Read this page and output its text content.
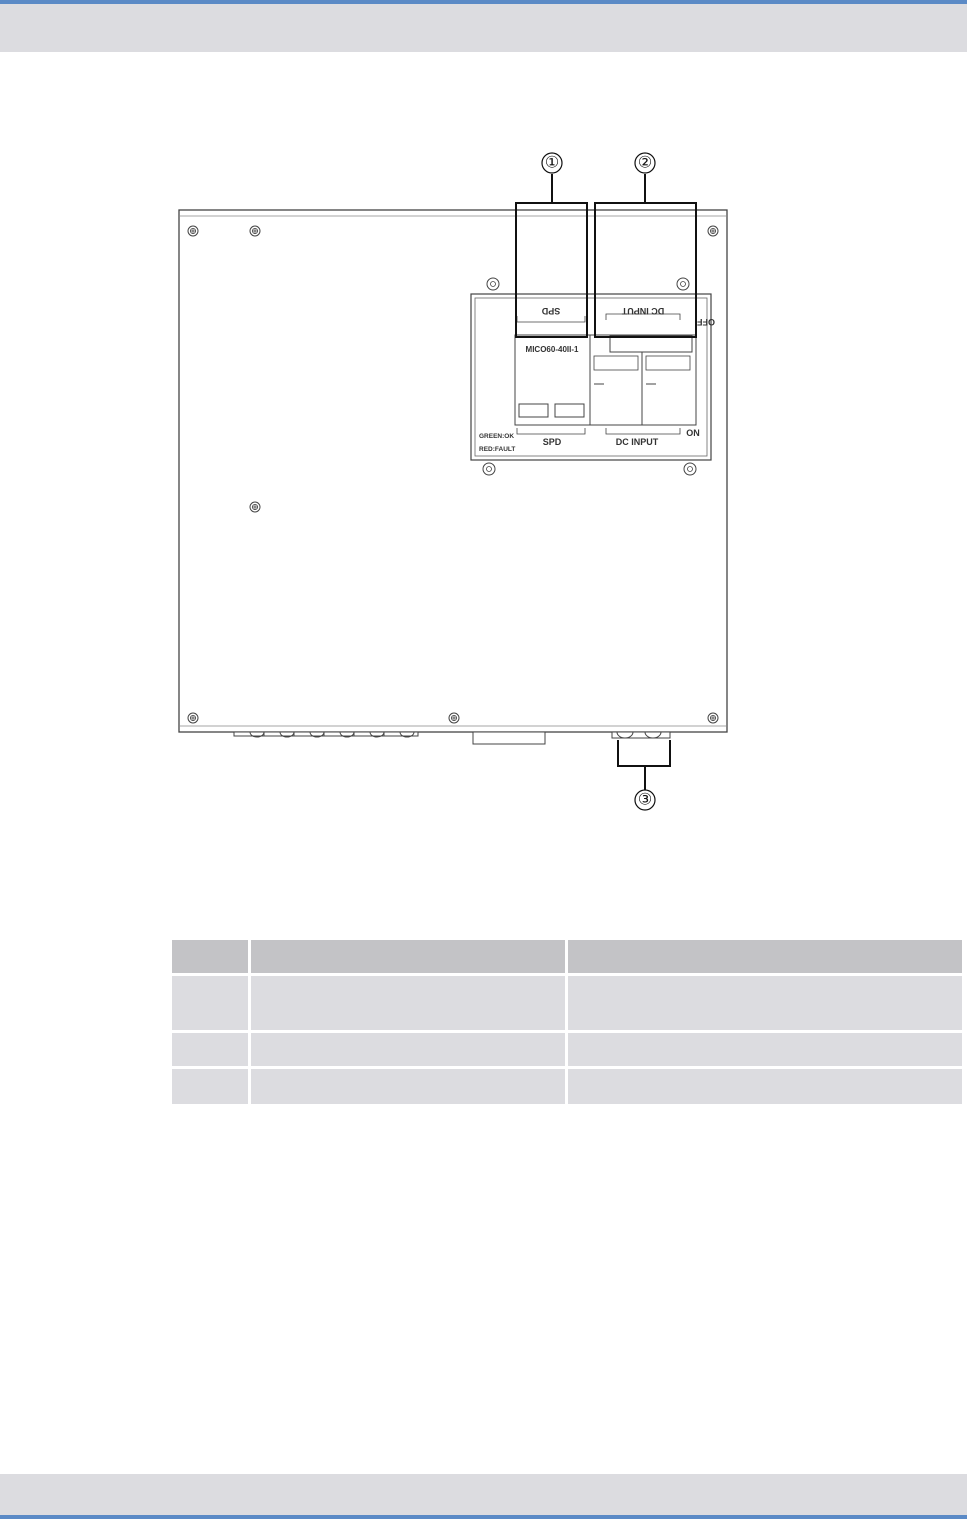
SPD	DC INPUT
OFF
MICO60-40II-1
SPD	DC INPUT
ON
GREEN:OK
RED:FAULT
①	②
③
